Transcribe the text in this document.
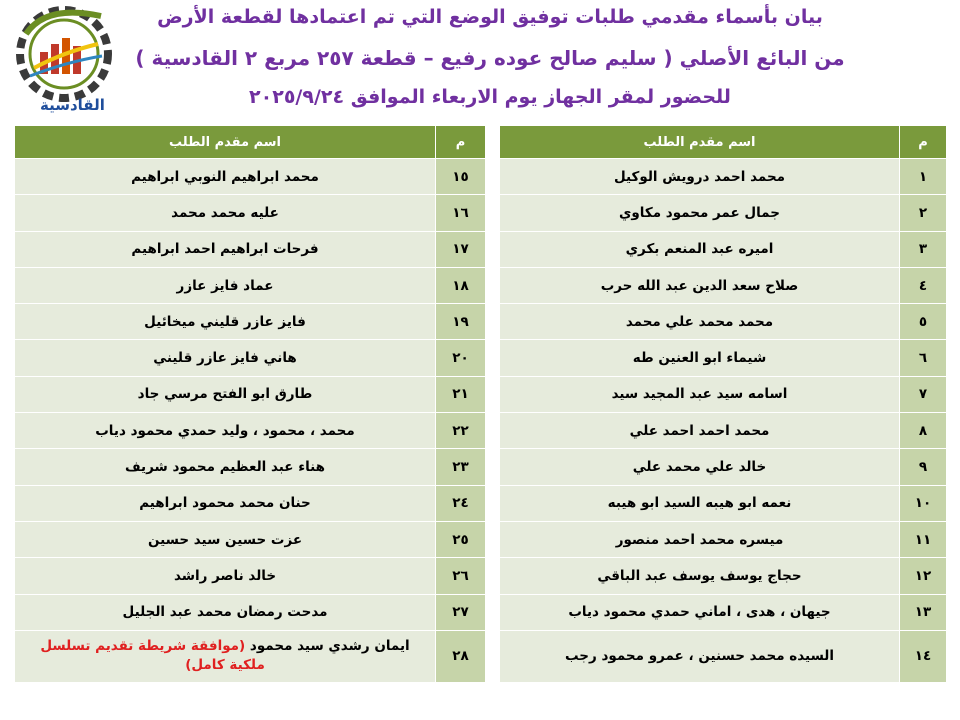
القادسية
بيان بأسماء مقدمي طلبات توفيق الوضع التي تم اعتمادها لقطعة الأرض
من البائع الأصلي ( سليم صالح عوده رفيع – قطعة ٢٥٧ مربع ٢ القادسية )
للحضور لمقر الجهاز يوم الاربعاء الموافق ٢٠٢٥/٩/٢٤
م	اسم مقدم الطلب		م	اسم مقدم الطلب
١	محمد احمد درويش الوكيل		١٥	محمد ابراهيم النوبي ابراهيم
٢	جمال عمر محمود مكاوي		١٦	عليه محمد محمد
٣	اميره عبد المنعم بكري		١٧	فرحات ابراهيم احمد ابراهيم
٤	صلاح سعد الدين عبد الله حرب		١٨	عماد فايز عازر
٥	محمد محمد علي محمد		١٩	فايز عازر قليني ميخائيل
٦	شيماء ابو العنين طه		٢٠	هاني فايز عازر قليني
٧	اسامه سيد عبد المجيد سيد		٢١	طارق ابو الفتح مرسي جاد
٨	محمد احمد احمد علي		٢٢	محمد ، محمود ، وليد حمدي محمود دياب
٩	خالد علي محمد علي		٢٣	هناء عبد العظيم محمود شريف
١٠	نعمه ابو هيبه السيد ابو هيبه		٢٤	حنان محمد محمود ابراهيم
١١	ميسره محمد احمد منصور		٢٥	عزت حسين سيد حسين
١٢	حجاج يوسف يوسف عبد الباقي		٢٦	خالد ناصر راشد
١٣	جيهان ، هدى ، اماني حمدي محمود دياب		٢٧	مدحت رمضان محمد عبد الجليل
١٤	السيده محمد حسنين ، عمرو محمود رجب		٢٨	ايمان رشدي سيد محمود (موافقة شريطة تقديم تسلسل
ملكية كامل)
